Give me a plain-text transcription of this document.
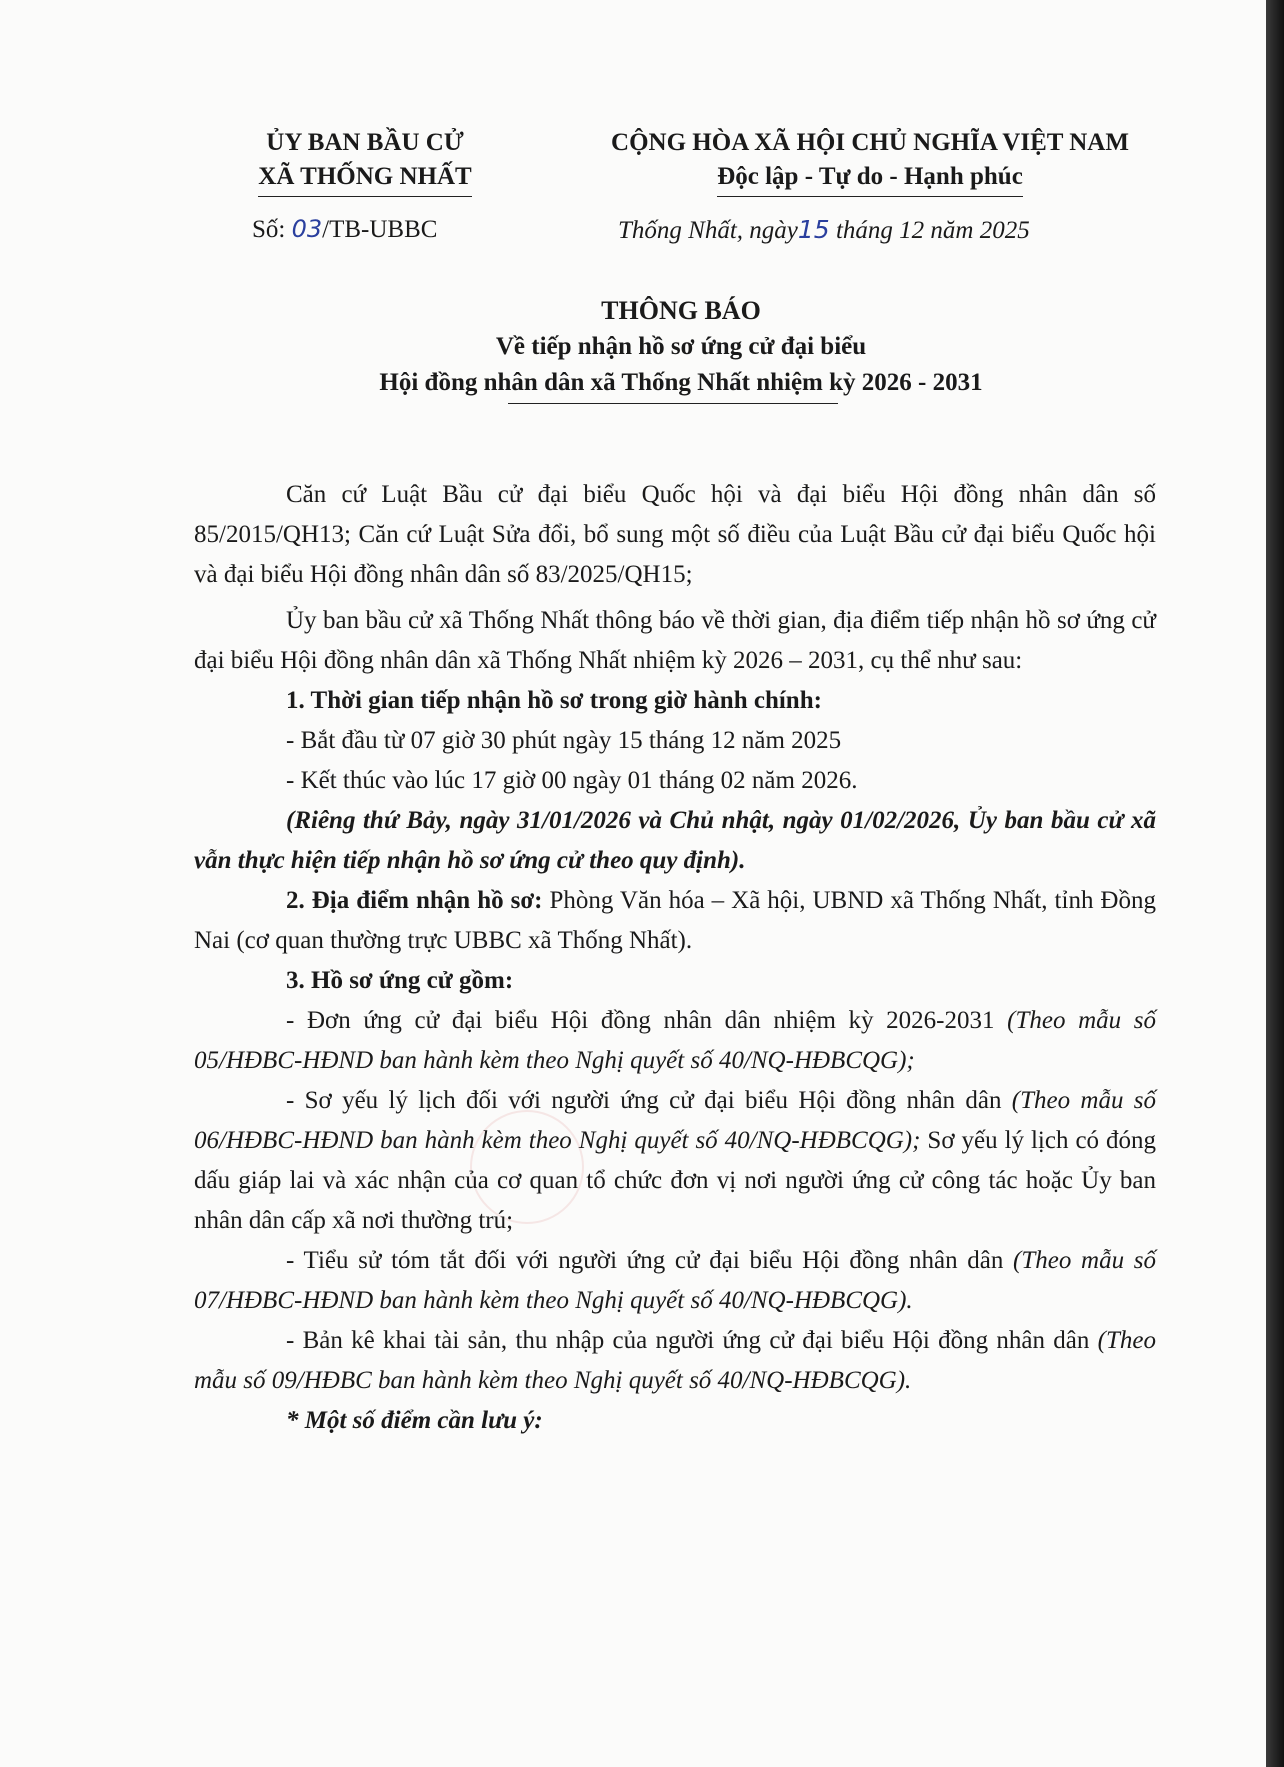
ỦY BAN BẦU CỬ
XÃ THỐNG NHẤT
CỘNG HÒA XÃ HỘI CHỦ NGHĨA VIỆT NAM
Độc lập - Tự do - Hạnh phúc
Số: 03/TB-UBBC	Thống Nhất, ngày15 tháng 12 năm 2025
THÔNG BÁO
Về tiếp nhận hồ sơ ứng cử đại biểu
Hội đồng nhân dân xã Thống Nhất nhiệm kỳ 2026 - 2031

Căn cứ Luật Bầu cử đại biểu Quốc hội và đại biểu Hội đồng nhân dân số 85/2015/QH13; Căn cứ Luật Sửa đổi, bổ sung một số điều của Luật Bầu cử đại biểu Quốc hội và đại biểu Hội đồng nhân dân số 83/2025/QH15;

Ủy ban bầu cử xã Thống Nhất thông báo về thời gian, địa điểm tiếp nhận hồ sơ ứng cử đại biểu Hội đồng nhân dân xã Thống Nhất nhiệm kỳ 2026 – 2031, cụ thể như sau:

1. Thời gian tiếp nhận hồ sơ trong giờ hành chính:

- Bắt đầu từ 07 giờ 30 phút ngày 15 tháng 12 năm 2025

- Kết thúc vào lúc 17 giờ 00 ngày 01 tháng 02 năm 2026.

(Riêng thứ Bảy, ngày 31/01/2026 và Chủ nhật, ngày 01/02/2026, Ủy ban bầu cử xã vẫn thực hiện tiếp nhận hồ sơ ứng cử theo quy định).

2. Địa điểm nhận hồ sơ: Phòng Văn hóa – Xã hội, UBND xã Thống Nhất, tỉnh Đồng Nai (cơ quan thường trực UBBC xã Thống Nhất).

3. Hồ sơ ứng cử gồm:

- Đơn ứng cử đại biểu Hội đồng nhân dân nhiệm kỳ 2026-2031 (Theo mẫu số 05/HĐBC-HĐND ban hành kèm theo Nghị quyết số 40/NQ-HĐBCQG);

- Sơ yếu lý lịch đối với người ứng cử đại biểu Hội đồng nhân dân (Theo mẫu số 06/HĐBC-HĐND ban hành kèm theo Nghị quyết số 40/NQ-HĐBCQG); Sơ yếu lý lịch có đóng dấu giáp lai và xác nhận của cơ quan tổ chức đơn vị nơi người ứng cử công tác hoặc Ủy ban nhân dân cấp xã nơi thường trú;

- Tiểu sử tóm tắt đối với người ứng cử đại biểu Hội đồng nhân dân (Theo mẫu số 07/HĐBC-HĐND ban hành kèm theo Nghị quyết số 40/NQ-HĐBCQG).

- Bản kê khai tài sản, thu nhập của người ứng cử đại biểu Hội đồng nhân dân (Theo mẫu số 09/HĐBC ban hành kèm theo Nghị quyết số 40/NQ-HĐBCQG).

* Một số điểm cần lưu ý:
